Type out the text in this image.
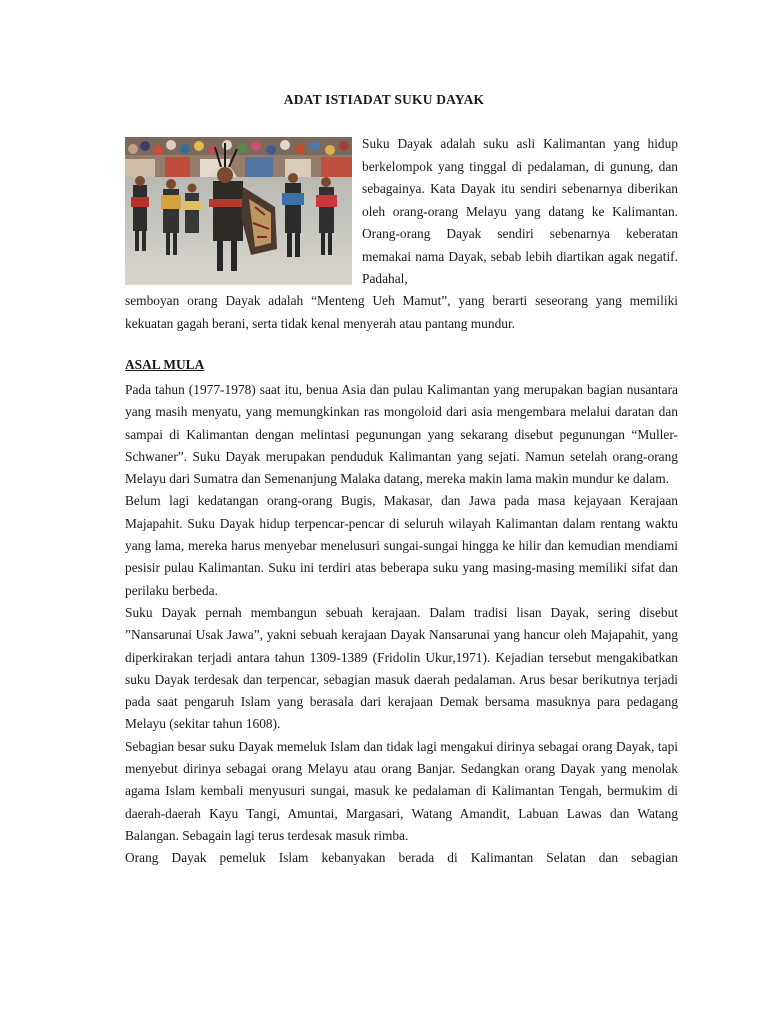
ADAT ISTIADAT SUKU DAYAK

Suku Dayak adalah suku asli Kalimantan yang hidup berkelompok yang tinggal di pedalaman, di gunung, dan sebagainya. Kata Dayak itu sendiri sebenarnya diberikan oleh orang-orang Melayu yang datang ke Kalimantan. Orang-orang Dayak sendiri sebenarnya keberatan memakai nama Dayak, sebab lebih diartikan agak negatif. Padahal,

semboyan orang Dayak adalah “Menteng Ueh Mamut”, yang berarti seseorang yang memiliki kekuatan gagah berani, serta tidak kenal menyerah atau pantang mundur.

ASAL MULA

Pada tahun (1977-1978) saat itu, benua Asia dan pulau Kalimantan yang merupakan bagian nusantara yang masih menyatu, yang memungkinkan ras mongoloid dari asia mengembara melalui daratan dan sampai di Kalimantan dengan melintasi pegunungan yang sekarang disebut pegunungan “Muller-Schwaner”. Suku Dayak merupakan penduduk Kalimantan yang sejati. Namun setelah orang-orang Melayu dari Sumatra dan Semenanjung Malaka datang, mereka makin lama makin mundur ke dalam.

Belum lagi kedatangan orang-orang Bugis, Makasar, dan Jawa pada masa kejayaan Kerajaan Majapahit. Suku Dayak hidup terpencar-pencar di seluruh wilayah Kalimantan dalam rentang waktu yang lama, mereka harus menyebar menelusuri sungai-sungai hingga ke hilir dan kemudian mendiami pesisir pulau Kalimantan. Suku ini terdiri atas beberapa suku yang masing-masing memiliki sifat dan perilaku berbeda.

Suku Dayak pernah membangun sebuah kerajaan. Dalam tradisi lisan Dayak, sering disebut ”Nansarunai Usak Jawa”, yakni sebuah kerajaan Dayak Nansarunai yang hancur oleh Majapahit, yang diperkirakan terjadi antara tahun 1309-1389 (Fridolin Ukur,1971). Kejadian tersebut mengakibatkan suku Dayak terdesak dan terpencar, sebagian masuk daerah pedalaman. Arus besar berikutnya terjadi pada saat pengaruh Islam yang berasala dari kerajaan Demak bersama masuknya para pedagang Melayu (sekitar tahun 1608).

Sebagian besar suku Dayak memeluk Islam dan tidak lagi mengakui dirinya sebagai orang Dayak, tapi menyebut dirinya sebagai orang Melayu atau orang Banjar. Sedangkan orang Dayak yang menolak agama Islam kembali menyusuri sungai, masuk ke pedalaman di Kalimantan Tengah, bermukim di daerah-daerah Kayu Tangi, Amuntai, Margasari, Watang Amandit, Labuan Lawas dan Watang Balangan. Sebagain lagi terus terdesak masuk rimba.

Orang Dayak pemeluk Islam kebanyakan berada di Kalimantan Selatan dan sebagian
